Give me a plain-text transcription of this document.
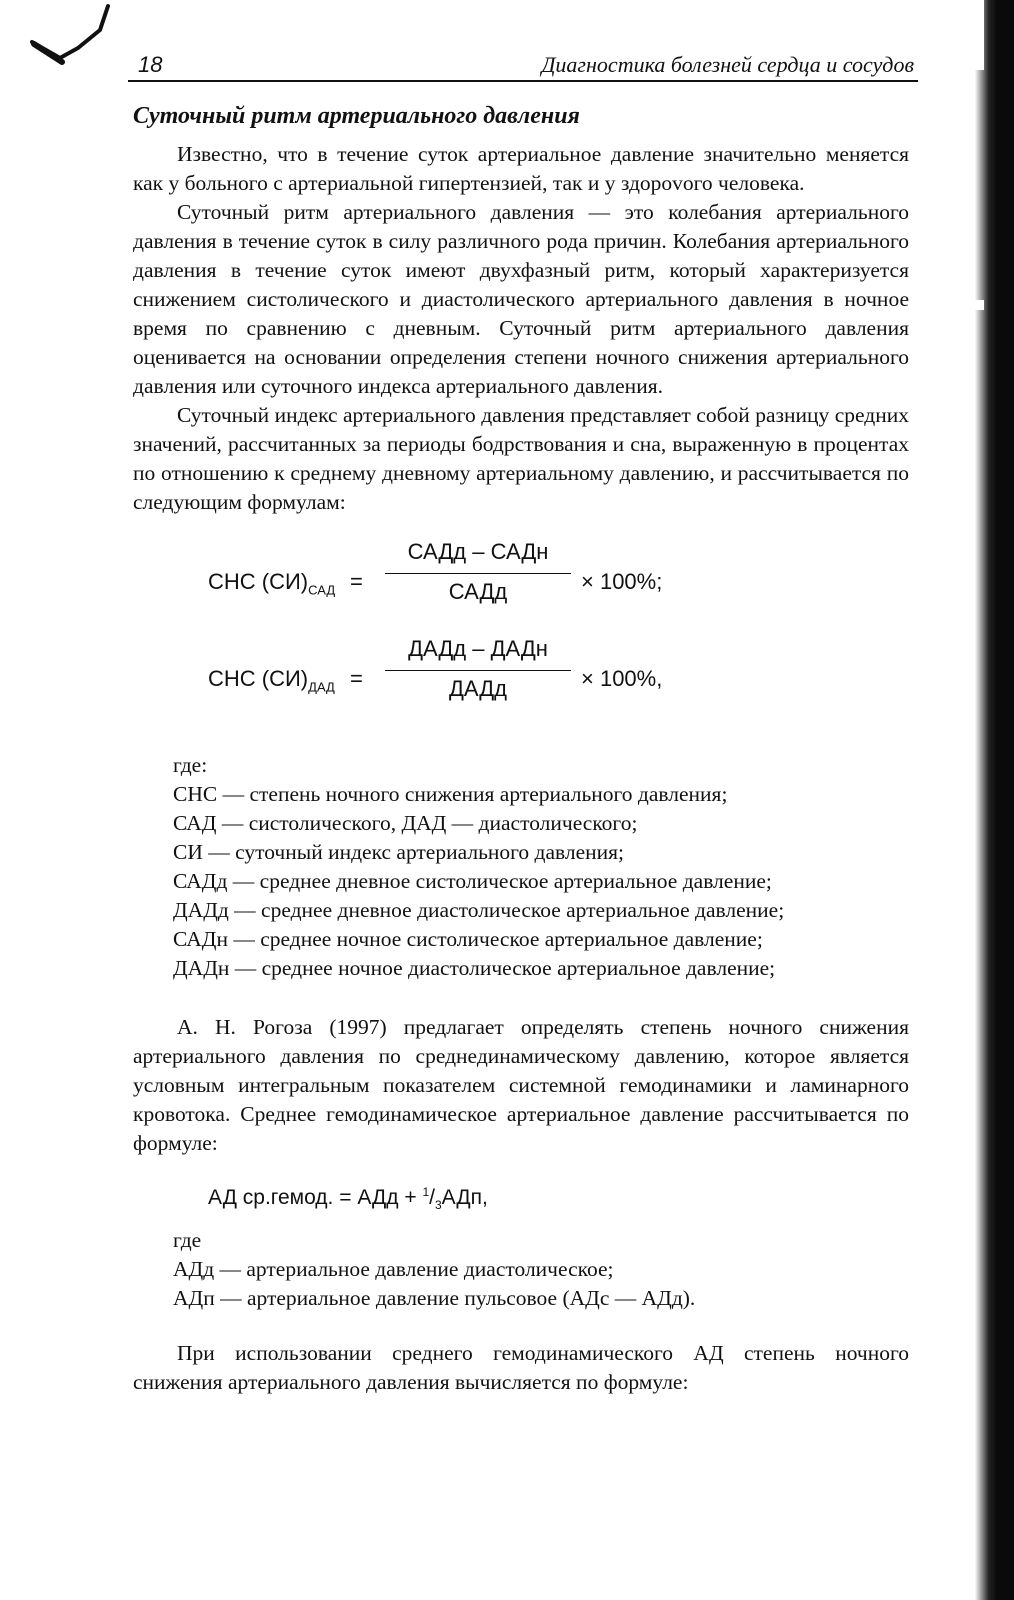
18	Диагностика болезней сердца и сосудов
Суточный ритм артериального давления

Известно, что в течение суток артериальное давление значительно меняется как у больного с артериальной гипертензией, так и у здороvого человека.

Суточный ритм артериального давления — это колебания артериального давления в течение суток в силу различного рода причин. Колебания артериального давления в течение суток имеют двухфазный ритм, который характеризуется снижением систолического и диастолического артериального давления в ночное время по сравнению с дневным. Суточный ритм артериального давления оценивается на основании определения степени ночного снижения артериального давления или суточного индекса артериального давления.

Суточный индекс артериального давления представляет собой разницу средних значений, рассчитанных за периоды бодрствования и сна, выраженную в процентах по отношению к среднему дневному артериальному давлению, и рассчитывается по следующим формулам:

СНС $(СИ)_{САД}$ =
САДд – САДн
САДд	× 100%;
СНС $(СИ)_{ДАД}$ =
ДАДд – ДАДн
ДАДд	× 100%,
где:
СНС — степень ночного снижения артериального давления;
САД — систолического, ДАД — диастолического;
СИ — суточный индекс артериального давления;
САДд — среднее дневное систолическое артериальное давление;
ДАДд — среднее дневное диастолическое артериальное давление;
САДн — среднее ночное систолическое артериальное давление;
ДАДн — среднее ночное диастолическое артериальное давление;

А. Н. Рогоза (1997) предлагает определять степень ночного снижения артериального давления по среднединамическому давлению, которое является условным интегральным показателем системной гемодинамики и ламинарного кровотока. Среднее гемодинамическое артериальное давление рассчитывается по формуле:

АД ср.гемод. = АДд + $^1/_3АДп$,
где
АДд — артериальное давление диастолическое;
АДп — артериальное давление пульсовое (АДс — АДд).

При использовании среднего гемодинамического АД степень ночного снижения артериального давления вычисляется по формуле:
